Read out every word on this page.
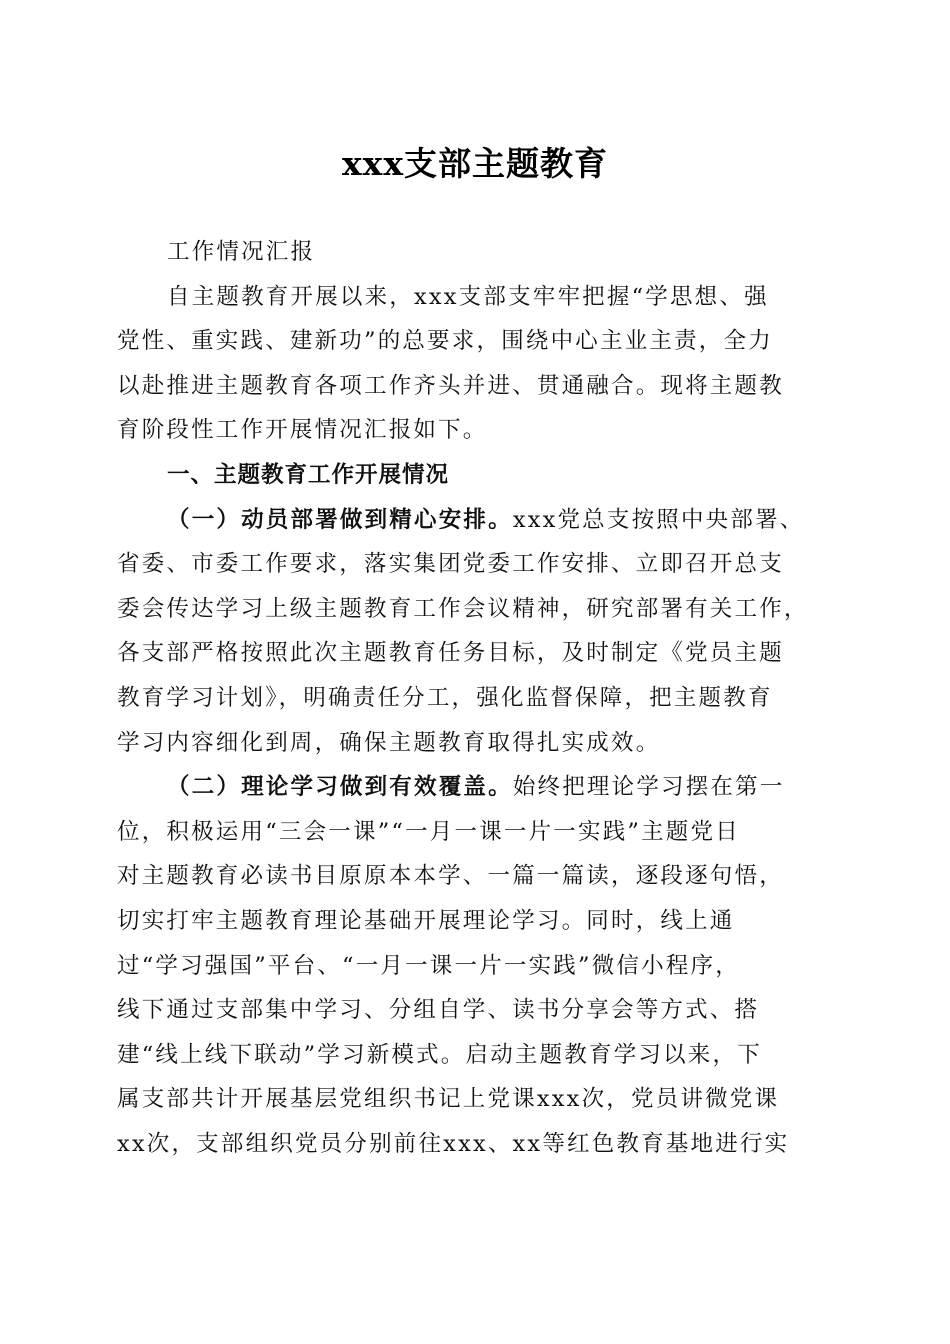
xxx支部主题教育
工作情况汇报
自主题教育开展以来，xxx支部支牢牢把握“学思想、强
党性、重实践、建新功”的总要求，围绕中心主业主责，全力
以赴推进主题教育各项工作齐头并进、贯通融合。现将主题教
育阶段性工作开展情况汇报如下。
一、主题教育工作开展情况
（一）动员部署做到精心安排。xxx党总支按照中央部署、
省委、市委工作要求，落实集团党委工作安排、立即召开总支
委会传达学习上级主题教育工作会议精神，研究部署有关工作，
各支部严格按照此次主题教育任务目标，及时制定《党员主题
教育学习计划》，明确责任分工，强化监督保障，把主题教育
学习内容细化到周，确保主题教育取得扎实成效。
（二）理论学习做到有效覆盖。始终把理论学习摆在第一
位，积极运用“三会一课”“一月一课一片一实践”主题党日
对主题教育必读书目原原本本学、一篇一篇读，逐段逐句悟，
切实打牢主题教育理论基础开展理论学习。同时，线上通
过“学习强国”平台、“一月一课一片一实践”微信小程序，
线下通过支部集中学习、分组自学、读书分享会等方式、搭
建“线上线下联动”学习新模式。启动主题教育学习以来，下
属支部共计开展基层党组织书记上党课xxx次，党员讲微党课
xx次，支部组织党员分别前往xxx、xx等红色教育基地进行实
